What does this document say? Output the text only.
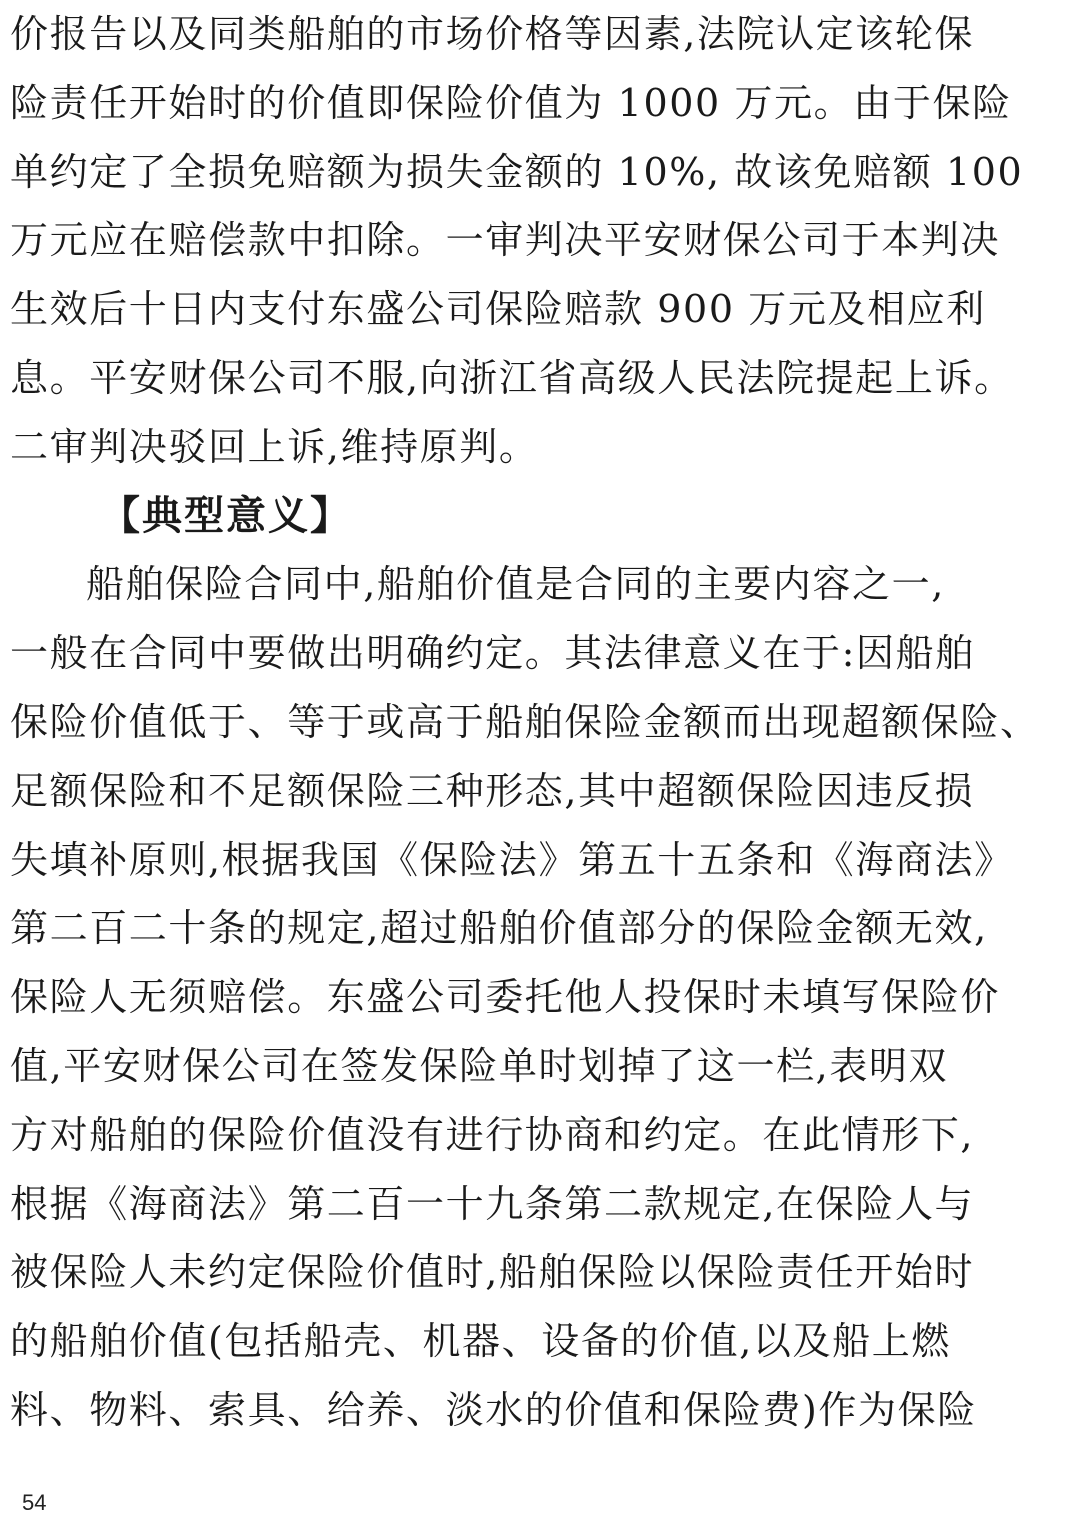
价报告以及同类船舶的市场价格等因素,法院认定该轮保
险责任开始时的价值即保险价值为 1000 万元。由于保险
单约定了全损免赔额为损失金额的 10%, 故该免赔额 100
万元应在赔偿款中扣除。一审判决平安财保公司于本判决
生效后十日内支付东盛公司保险赔款 900 万元及相应利
息。平安财保公司不服,向浙江省高级人民法院提起上诉。
二审判决驳回上诉,维持原判。
【典型意义】
船舶保险合同中,船舶价值是合同的主要内容之一,
一般在合同中要做出明确约定。其法律意义在于:因船舶
保险价值低于、等于或高于船舶保险金额而出现超额保险、
足额保险和不足额保险三种形态,其中超额保险因违反损
失填补原则,根据我国《保险法》第五十五条和《海商法》
第二百二十条的规定,超过船舶价值部分的保险金额无效,
保险人无须赔偿。东盛公司委托他人投保时未填写保险价
值,平安财保公司在签发保险单时划掉了这一栏,表明双
方对船舶的保险价值没有进行协商和约定。在此情形下,
根据《海商法》第二百一十九条第二款规定,在保险人与
被保险人未约定保险价值时,船舶保险以保险责任开始时
的船舶价值(包括船壳、机器、设备的价值,以及船上燃
料、物料、索具、给养、淡水的价值和保险费)作为保险
54
